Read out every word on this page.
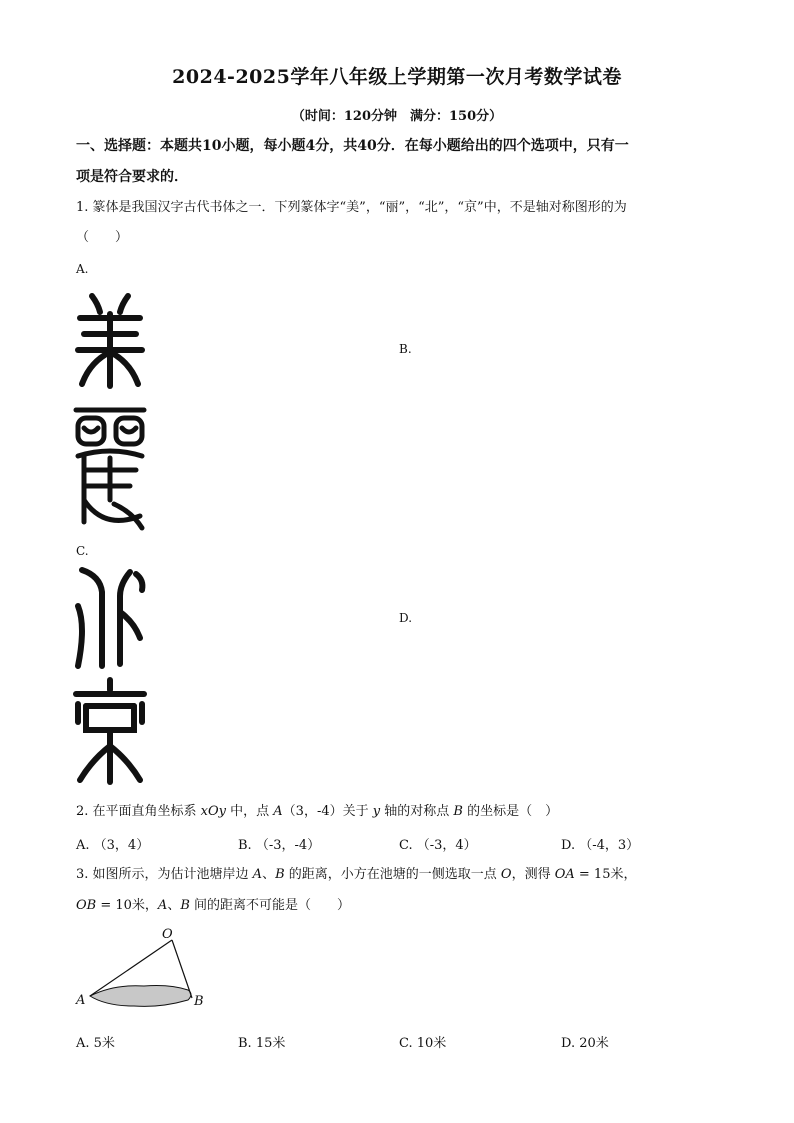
2024-2025学年八年级上学期第一次月考数学试卷
（时间：120分钟　满分：150分）
一、选择题：本题共10小题，每小题4分，共40分．在每小题给出的四个选项中，只有一
项是符合要求的．
1. 篆体是我国汉字古代书体之一．下列篆体字“美”，“丽”，“北”，“京”中，不是轴对称图形的为
（　　）
A.
B.
C.
D.
2. 在平面直角坐标系 xOy 中，点 A（3，-4）关于 y 轴的对称点 B 的坐标是（　）
A. （3，4）	B. （-3，-4）	C. （-3，4）	D. （-4，3）
3. 如图所示，为估计池塘岸边 A、B 的距离，小方在池塘的一侧选取一点 O，测得 OA = 15米，
OB = 10米，A、B 间的距离不可能是（　　）
O
A	B
A. 5米	B. 15米	C. 10米	D. 20米
